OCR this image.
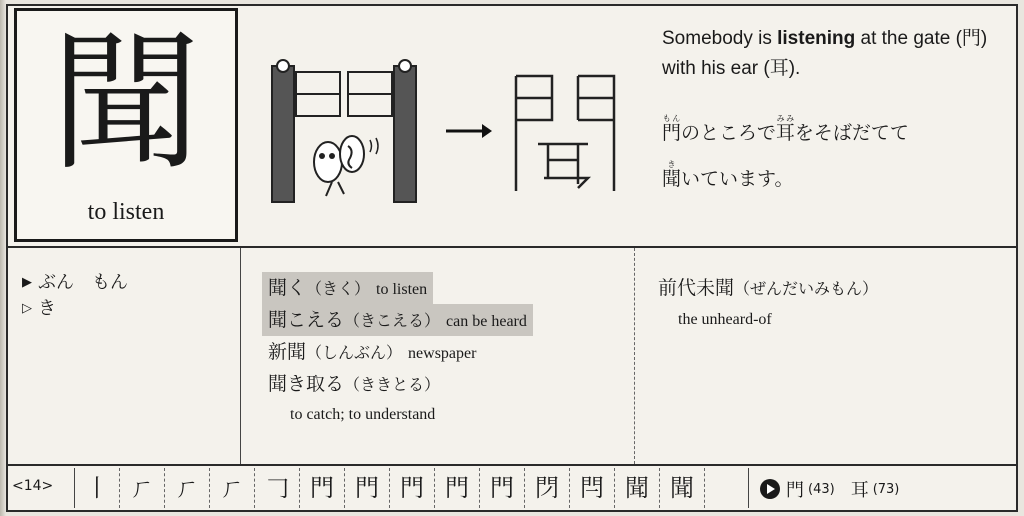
聞
to listen
Somebody is listening at the gate (門) with his ear (耳).
門もんのところで耳みみをそばだてて
聞きいています。
▶ ぶん　もん
▷ き
聞く（きく） to listen
聞こえる（きこえる） can be heard
新聞（しんぶん） newspaper
聞き取る（ききとる）
to catch; to understand
前代未聞（ぜんだいみもん）
the unheard-of
<14>	丨 ㄏ ㄏ ㄏ 𠃌 門 門 門 門 門 閁 閂 聞 聞	門 (43) 耳 (73)
